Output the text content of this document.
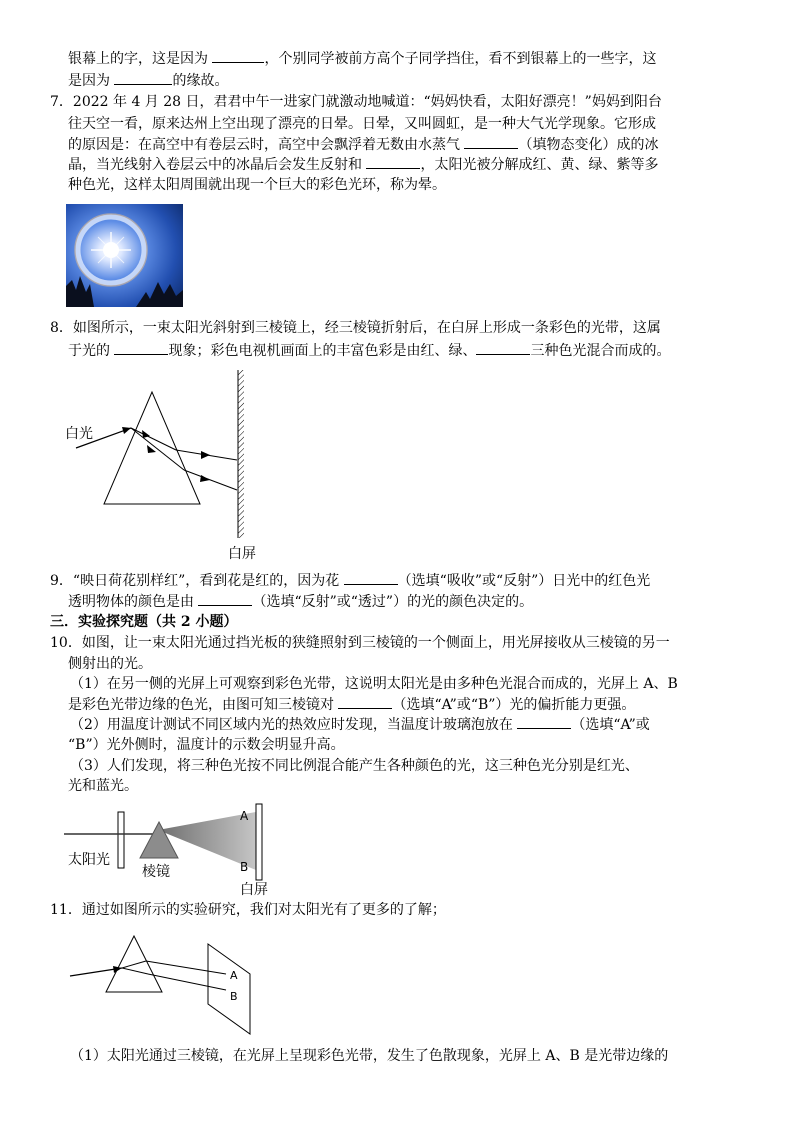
银幕上的字，这是因为	，个别同学被前方高个子同学挡住，看不到银幕上的一些字，这
是因为	的缘故。
7．2022 年 4 月 28 日，君君中午一进家门就激动地喊道：“妈妈快看，太阳好漂亮！”妈妈到阳台
往天空一看，原来达州上空出现了漂亮的日晕。日晕，又叫圆虹，是一种大气光学现象。它形成
的原因是：在高空中有卷层云时，高空中会飘浮着无数由水蒸气	（填物态变化）成的冰
晶，当光线射入卷层云中的冰晶后会发生反射和	，太阳光被分解成红、黄、绿、紫等多
种色光，这样太阳周围就出现一个巨大的彩色光环，称为晕。
8．如图所示，一束太阳光斜射到三棱镜上，经三棱镜折射后，在白屏上形成一条彩色的光带，这属
于光的	现象；彩色电视机画面上的丰富色彩是由红、绿、	三种色光混合而成的。
白光
白屏
9．“映日荷花别样红”，看到花是红的，因为花	（选填“吸收”或“反射”）日光中的红色光
透明物体的颜色是由	（选填“反射”或“透过”）的光的颜色决定的。
三．实验探究题（共 2 小题）
10．如图，让一束太阳光通过挡光板的狭缝照射到三棱镜的一个侧面上，用光屏接收从三棱镜的另一
侧射出的光。
（1）在另一侧的光屏上可观察到彩色光带，这说明太阳光是由多种色光混合而成的，光屏上 A、B
是彩色光带边缘的色光，由图可知三棱镜对	（选填“A”或“B”）光的偏折能力更强。
（2）用温度计测试不同区域内光的热效应时发现，当温度计玻璃泡放在	（选填“A”或
“B”）光外侧时，温度计的示数会明显升高。
（3）人们发现，将三种色光按不同比例混合能产生各种颜色的光，这三种色光分别是红光、
光和蓝光。
A
B
太阳光
棱镜
白屏
11．通过如图所示的实验研究，我们对太阳光有了更多的了解；
A
B
（1）太阳光通过三棱镜，在光屏上呈现彩色光带，发生了色散现象，光屏上 A、B 是光带边缘的
